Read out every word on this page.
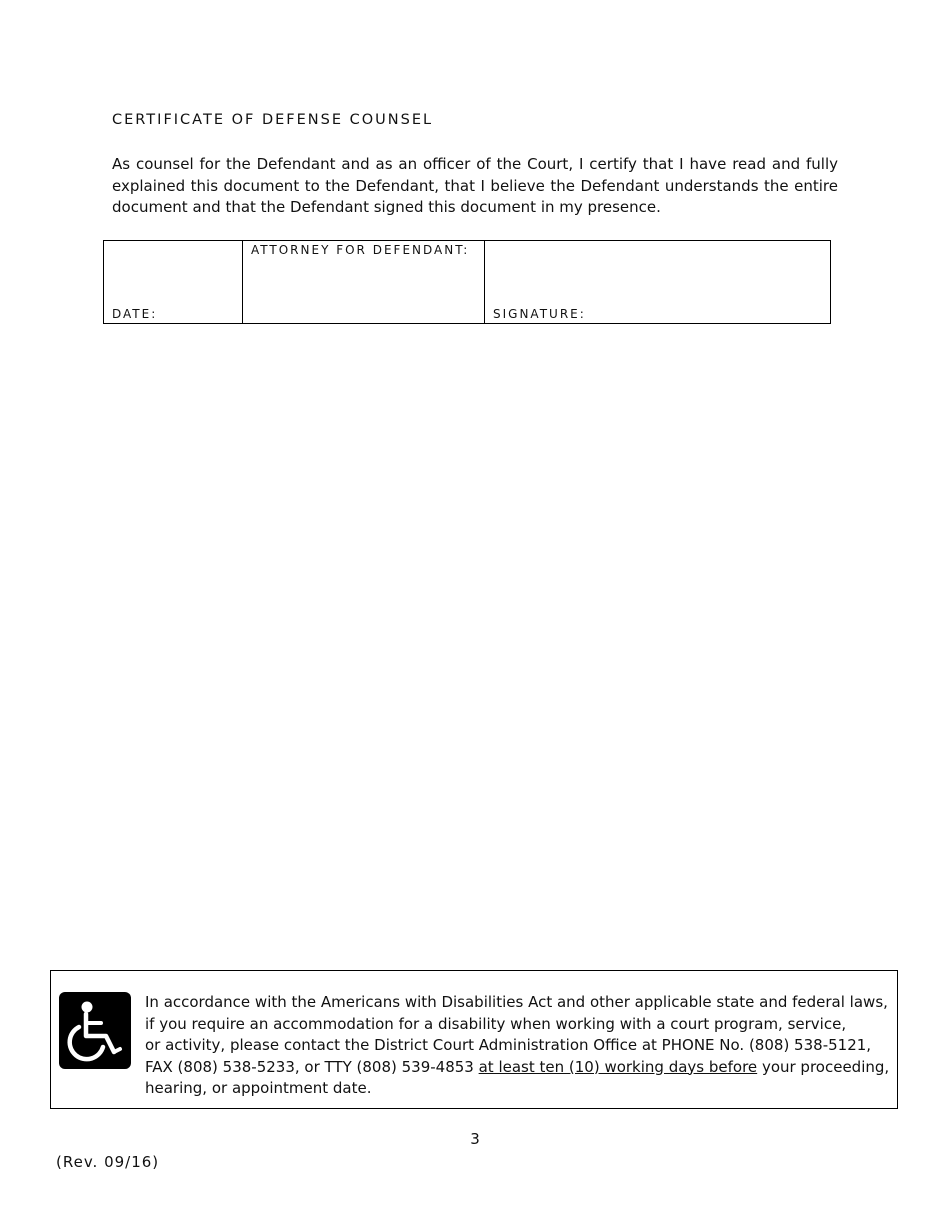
CERTIFICATE OF DEFENSE COUNSEL

As counsel for the Defendant and as an officer of the Court, I certify that I have read and fully explained this document to the Defendant, that I believe the Defendant understands the entire document and that the Defendant signed this document in my presence.

DATE:

ATTORNEY FOR DEFENDANT:

SIGNATURE:

In accordance with the Americans with Disabilities Act and other applicable state and federal laws,
if you require an accommodation for a disability when working with a court program, service,
or activity, please contact the District Court Administration Office at PHONE No. (808) 538-5121,
FAX (808) 538-5233, or TTY (808) 539-4853 at least ten (10) working days before your proceeding,
hearing, or appointment date.

3
(Rev. 09/16)
